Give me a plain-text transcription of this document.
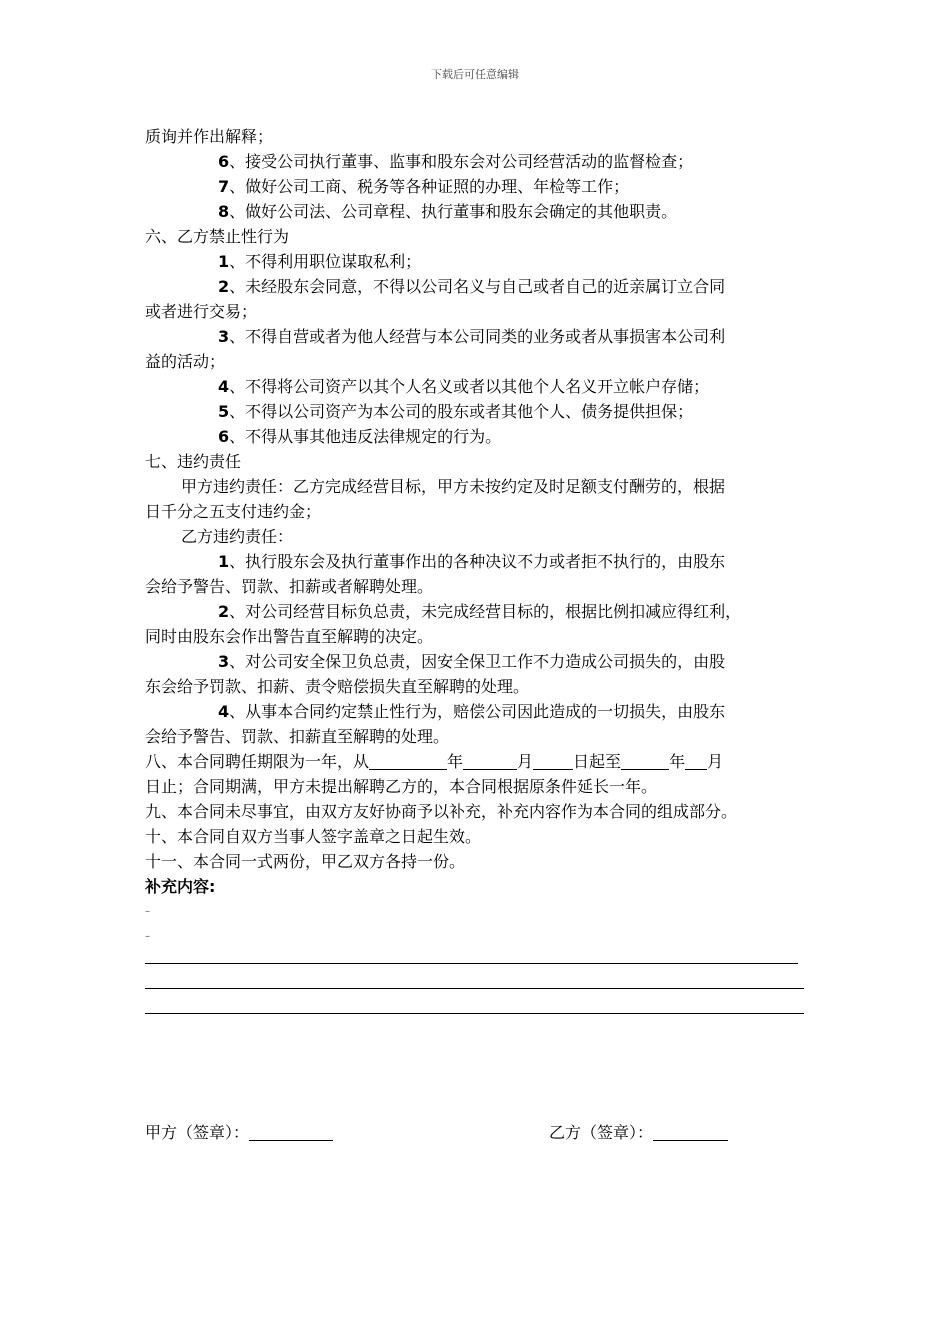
下载后可任意编辑
质询并作出解释；
6、接受公司执行董事、监事和股东会对公司经营活动的监督检查；
7、做好公司工商、税务等各种证照的办理、年检等工作；
8、做好公司法、公司章程、执行董事和股东会确定的其他职责。
六、乙方禁止性行为
1、不得利用职位谋取私利；
2、未经股东会同意，不得以公司名义与自己或者自己的近亲属订立合同
或者进行交易；
3、不得自营或者为他人经营与本公司同类的业务或者从事损害本公司利
益的活动；
4、不得将公司资产以其个人名义或者以其他个人名义开立帐户存储；
5、不得以公司资产为本公司的股东或者其他个人、债务提供担保；
6、不得从事其他违反法律规定的行为。
七、违约责任
甲方违约责任：乙方完成经营目标，甲方未按约定及时足额支付酬劳的，根据
日千分之五支付违约金；
乙方违约责任：
1、执行股东会及执行董事作出的各种决议不力或者拒不执行的，由股东
会给予警告、罚款、扣薪或者解聘处理。
2、对公司经营目标负总责，未完成经营目标的，根据比例扣减应得红利，
同时由股东会作出警告直至解聘的决定。
3、对公司安全保卫负总责，因安全保卫工作不力造成公司损失的，由股
东会给予罚款、扣薪、责令赔偿损失直至解聘的处理。
4、从事本合同约定禁止性行为，赔偿公司因此造成的一切损失，由股东
会给予警告、罚款、扣薪直至解聘的处理。
八、本合同聘任期限为一年，从	年	月	日起至	年 月
日止；合同期满，甲方未提出解聘乙方的，本合同根据原条件延长一年。
九、本合同未尽事宜，由双方友好协商予以补充，补充内容作为本合同的组成部分。
十、本合同自双方当事人签字盖章之日起生效。
十一、本合同一式两份，甲乙双方各持一份。
补充内容:
–
–
甲方（签章）：	乙方（签章）：
